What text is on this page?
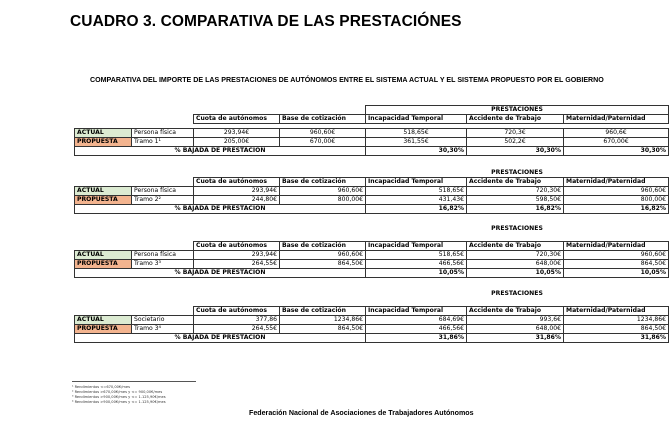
CUADRO 3. COMPARATIVA DE LAS PRESTACIÓNES
COMPARATIVA DEL IMPORTE DE LAS PRESTACIONES DE AUTÓNOMOS ENTRE EL SISTEMA ACTUAL Y EL SISTEMA PROPUESTO POR EL GOBIERNO
				PRESTACIONES		
		Cuota de autónomos	Base de cotización	Incapacidad Temporal	Accidente de Trabajo	Maternidad/Paternidad

ACTUAL	Persona física	293,94€	960,60€	518,65€	720,3€	960,6€
PROPUESTA	Tramo 1¹	205,00€	670,00€	361,55€	502,2€	670,00€
% BAJADA DE PRESTACION				30,30%	30,30%	30,30%
				PRESTACIONES		
		Cuota de autónomos	Base de cotización	Incapacidad Temporal	Accidente de Trabajo	Maternidad/Paternidad
ACTUAL	Persona física	293,94€	960,60€	518,65€	720,30€	960,60€
PROPUESTA	Tramo 2²	244,80€	800,00€	431,43€	598,50€	800,00€
% BAJADA DE PRESTACION				16,82%	16,82%	16,82%
				PRESTACIONES		

		Cuota de autónomos	Base de cotización	Incapacidad Temporal	Accidente de Trabajo	Maternidad/Paternidad
ACTUAL	Persona física	293,94€	960,60€	518,65€	720,30€	960,60€
PROPUESTA	Tramo 3³	264,55€	864,50€	466,56€	648,00€	864,50€
% BAJADA DE PRESTACION				10,05%	10,05%	10,05%
				PRESTACIONES		

		Cuota de autónomos	Base de cotización	Incapacidad Temporal	Accidente de Trabajo	Maternidad/Paternidad
ACTUAL	Societario	377,86	1234,86€	684,69€	993,6€	1234,86€
PROPUESTA	Tramo 3⁴	264,55€	864,50€	466,56€	648,00€	864,50€
% BAJADA DE PRESTACION				31,86%	31,86%	31,86%
¹ Rendimientos <=670,00€/mes
² Rendimientos >670,00€/mes y <= 900,00€/mes
³ Rendimientos >900,00€/mes y <= 1.125,90€/mes
⁴ Rendimientos >900,00€/mes y <= 1.125,90€/mes
Federación Nacional de Asociaciones de Trabajadores Autónomos
